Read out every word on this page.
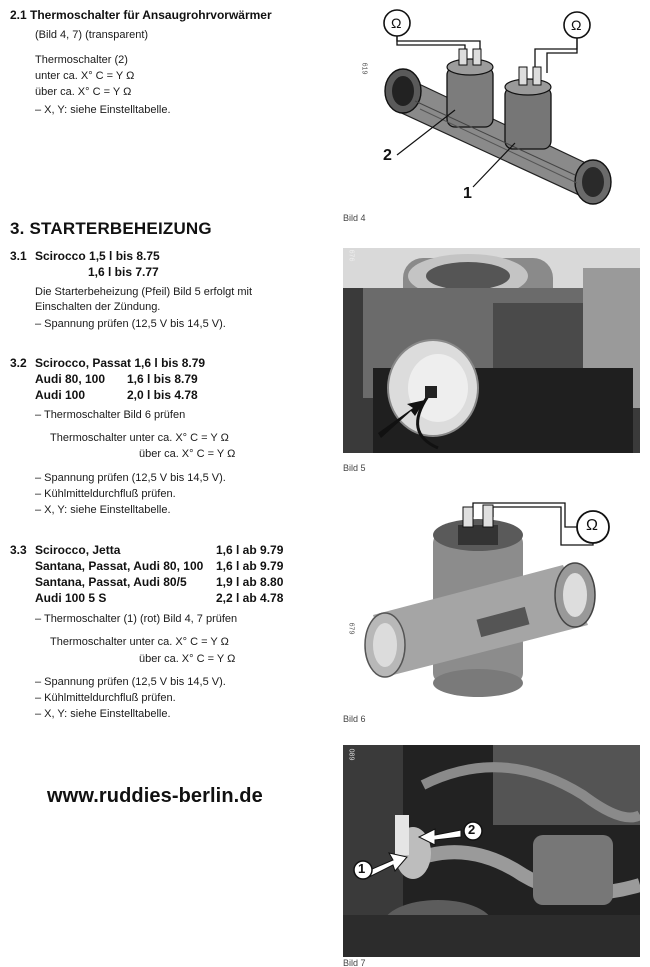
2.1 Thermoschalter für Ansaugrohrvorwärmer
(Bild 4, 7) (transparent)
Thermoschalter (2)
unter ca. X° C = Y Ω
über ca. X° C = Y Ω
– X, Y: siehe Einstelltabelle.
3. STARTERBEHEIZUNG
3.1 Scirocco 1,5 l bis 8.75
1,6 l bis 7.77
Die Starterbeheizung (Pfeil) Bild 5 erfolgt mit
Einschalten der Zündung.
– Spannung prüfen (12,5 V bis 14,5 V).
3.2 Scirocco, Passat 1,6 l bis 8.79
Audi 80, 100 1,6 l bis 8.79
Audi 100	2,0 l bis 4.78
– Thermoschalter Bild 6 prüfen
Thermoschalter unter ca. X° C = Y Ω
über ca. X° C = Y Ω
– Spannung prüfen (12,5 V bis 14,5 V).
– Kühlmitteldurchfluß prüfen.
– X, Y: siehe Einstelltabelle.
3.3 Scirocco, Jetta	1,6 l ab 9.79
Santana, Passat, Audi 80, 100 1,6 l ab 9.79
Santana, Passat, Audi 80/5 1,9 l ab 8.80
Audi 100 5 S	2,2 l ab 4.78
– Thermoschalter (1) (rot) Bild 4, 7 prüfen
Thermoschalter unter ca. X° C = Y Ω
über ca. X° C = Y Ω
– Spannung prüfen (12,5 V bis 14,5 V).
– Kühlmitteldurchfluß prüfen.
– X, Y: siehe Einstelltabelle.
www.ruddies-berlin.de
Ω	Ω
2
1
619
Bild 4
676
Bild 5
Ω
679
Bild 6
2
1
089
Bild 7
